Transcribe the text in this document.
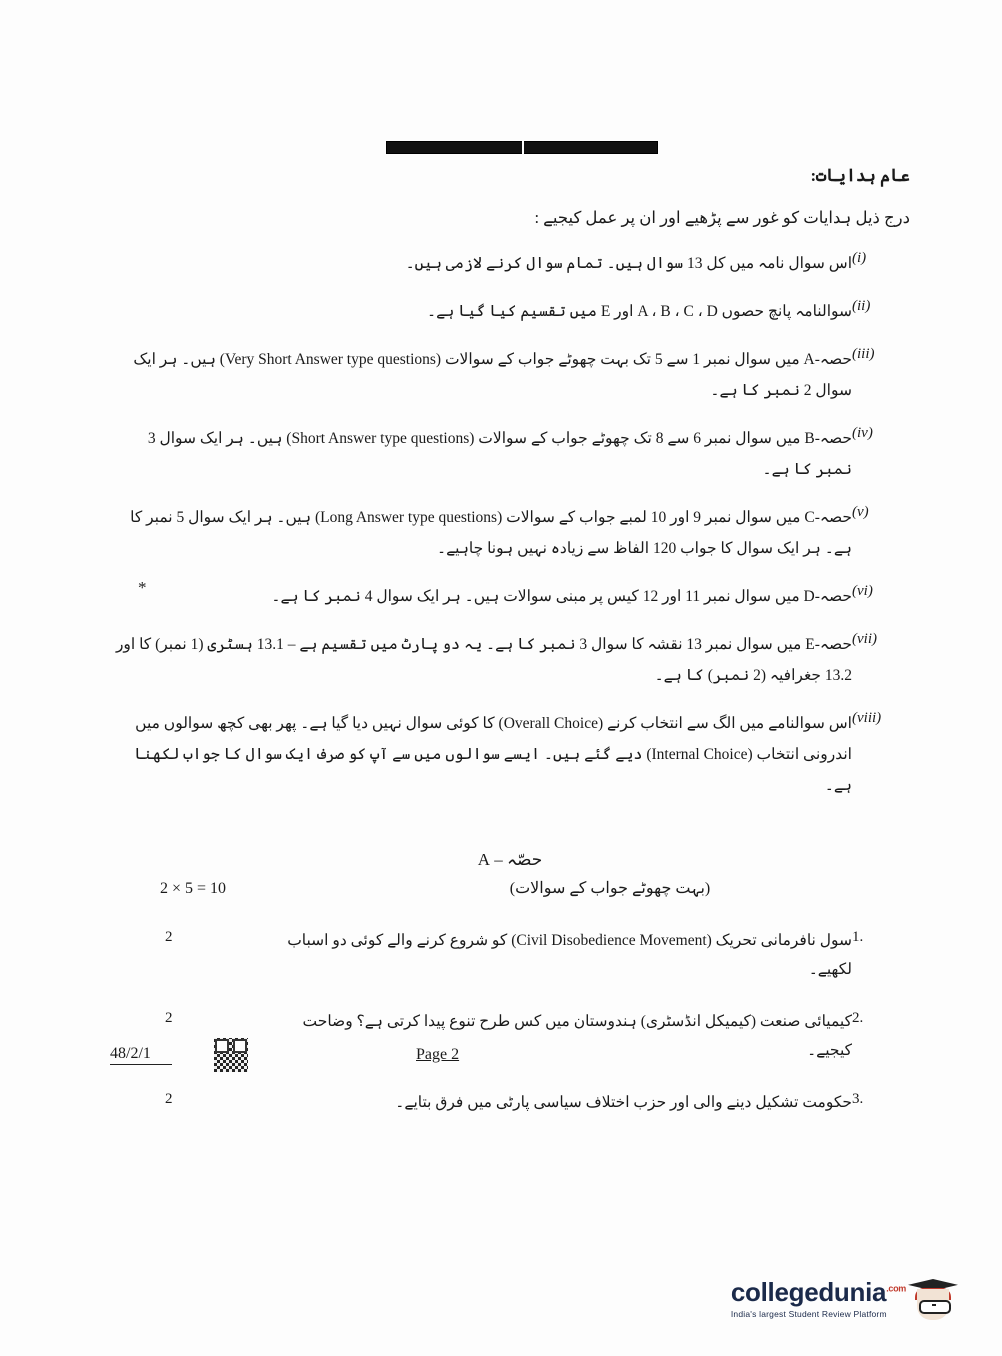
*
عام ہدایات:
درج ذیل ہدایات کو غور سے پڑھیے اور ان پر عمل کیجیے :
(i)
اس سوال نامہ میں کل 13 سوال ہیں۔ تمام سوال کرنے لازمی ہیں۔
(ii)
سوالنامہ پانچ حصوں A ، B ، C ، D اور E میں تقسیم کیا گیا ہے۔
(iii)
حصہ-A میں سوال نمبر 1 سے 5 تک بہت چھوٹے جواب کے سوالات (Very Short Answer type questions) ہیں۔ ہر ایک سوال 2 نمبر کا ہے۔
(iv)
حصہ-B میں سوال نمبر 6 سے 8 تک چھوٹے جواب کے سوالات (Short Answer type questions) ہیں۔ ہر ایک سوال 3 نمبر کا ہے۔
(v)
حصہ-C میں سوال نمبر 9 اور 10 لمبے جواب کے سوالات (Long Answer type questions) ہیں۔ ہر ایک سوال 5 نمبر کا ہے۔ ہر ایک سوال کا جواب 120 الفاظ سے زیادہ نہیں ہونا چاہیے۔
(vi)
حصہ-D میں سوال نمبر 11 اور 12 کیس پر مبنی سوالات ہیں۔ ہر ایک سوال 4 نمبر کا ہے۔
(vii)
حصہ-E میں سوال نمبر 13 نقشہ کا سوال 3 نمبر کا ہے۔ یہ دو پارٹ میں تقسیم ہے – 13.1 ہسٹری (1 نمبر) کا اور 13.2 جغرافیہ (2 نمبر) کا ہے۔
(viii)
اس سوالنامے میں الگ سے انتخاب کرنے (Overall Choice) کا کوئی سوال نہیں دیا گیا ہے۔ پھر بھی کچھ سوالوں میں اندرونی انتخاب (Internal Choice) دیے گئے ہیں۔ ایسے سوالوں میں سے آپ کو صرف ایک سوال کا جواب لکھنا ہے۔
حصّہ – A
2 × 5 = 10	(بہت چھوٹے جواب کے سوالات)
1.
سول نافرمانی تحریک (Civil Disobedience Movement) کو شروع کرنے والے کوئی دو اسباب لکھیے۔
2
2.
کیمیائی صنعت (کیمیکل انڈسٹری) ہندوستان میں کس طرح تنوع پیدا کرتی ہے؟ وضاحت کیجیے۔
2
3.
حکومت تشکیل دینے والی اور حزب اختلاف سیاسی پارٹی میں فرق بتایے۔
2
48/2/1	Page 2
collegedunia$^{.com}$
India's largest Student Review Platform
